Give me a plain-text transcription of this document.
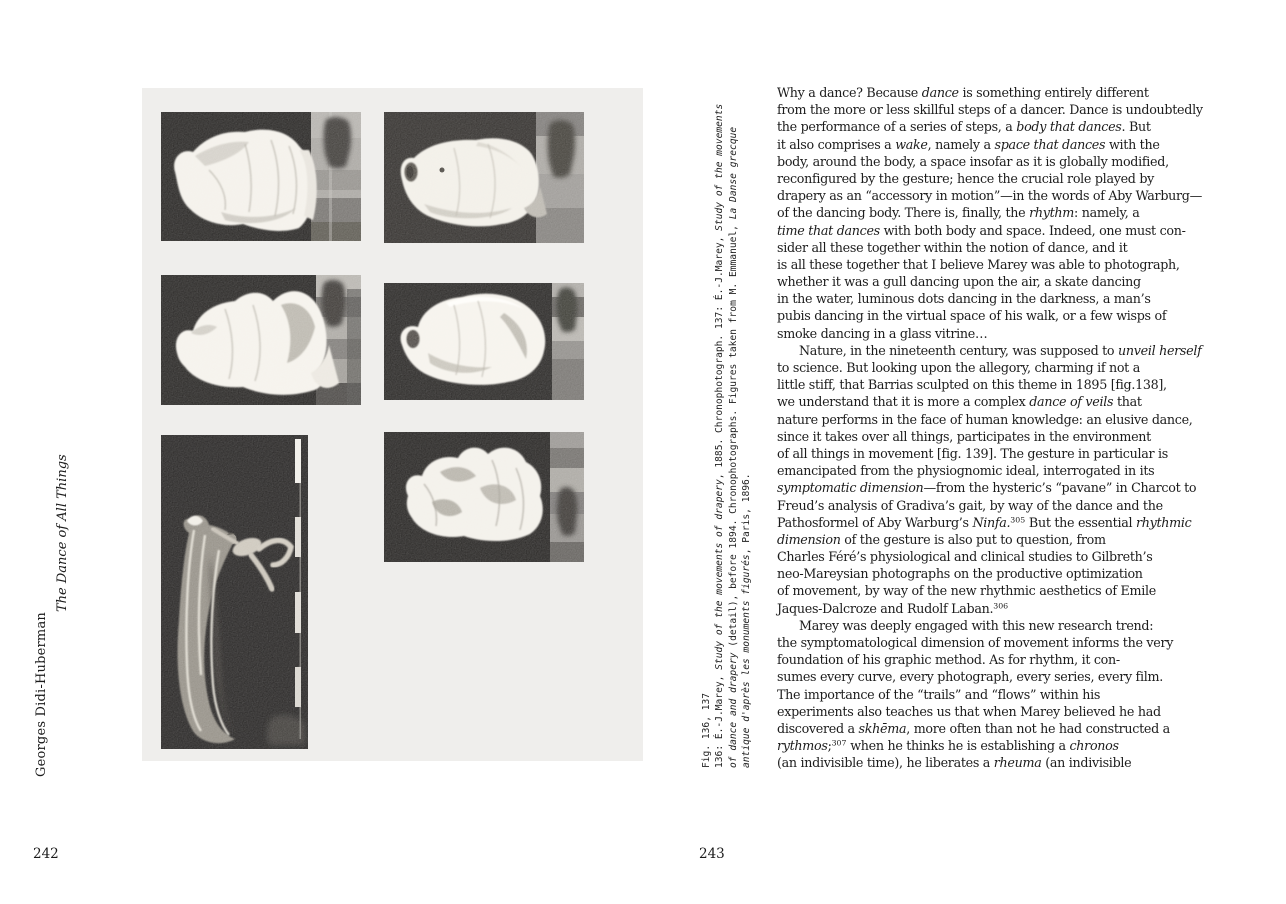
Georges Didi-Huberman
The Dance of All Things
Fig. 136, 137 136: É.-J.Marey, Study of the movements of drapery, 1885. Chronophotograph. 137: É.-J.Marey, Study of the movements
of dance and drapery (detail), before 1894. Chronophotographs. Figures taken from M. Emmanuel, La Danse grecque
antique d'après les monuments figurés, Paris, 1896.
Why a dance? Because dance is something entirely different
from the more or less skillful steps of a dancer. Dance is undoubtedly
the performance of a series of steps, a body that dances. But
it also comprises a wake, namely a space that dances with the
body, around the body, a space insofar as it is globally modified,
reconfigured by the gesture; hence the crucial role played by
drapery as an “accessory in motion”—in the words of Aby Warburg—
of the dancing body. There is, finally, the rhythm: namely, a
time that dances with both body and space. Indeed, one must con-
sider all these together within the notion of dance, and it
is all these together that I believe Marey was able to photograph,
whether it was a gull dancing upon the air, a skate dancing
in the water, luminous dots dancing in the darkness, a man’s
pubis dancing in the virtual space of his walk, or a few wisps of
smoke dancing in a glass vitrine…
Nature, in the nineteenth century, was supposed to unveil herself
to science. But looking upon the allegory, charming if not a
little stiff, that Barrias sculpted on this theme in 1895 [fig.138],
we understand that it is more a complex dance of veils that
nature performs in the face of human knowledge: an elusive dance,
since it takes over all things, participates in the environment
of all things in movement [fig. 139]. The gesture in particular is
emancipated from the physiognomic ideal, interrogated in its
symptomatic dimension—from the hysteric’s “pavane” in Charcot to
Freud’s analysis of Gradiva’s gait, by way of the dance and the
Pathosformel of Aby Warburg’s Ninfa.$^{305}$ But the essential rhythmic
dimension of the gesture is also put to question, from
Charles Féré’s physiological and clinical studies to Gilbreth’s
neo-Mareysian photographs on the productive optimization
of movement, by way of the new rhythmic aesthetics of Emile
Jaques-Dalcroze and Rudolf Laban.$^{306}$
Marey was deeply engaged with this new research trend:
the symptomatological dimension of movement informs the very
foundation of his graphic method. As for rhythm, it con-
sumes every curve, every photograph, every series, every film.
The importance of the “trails” and “flows” within his
experiments also teaches us that when Marey believed he had
discovered a skhēma, more often than not he had constructed a
rythmos;$^{307}$ when he thinks he is establishing a chronos
(an indivisible time), he liberates a rheuma (an indivisible
242	243
